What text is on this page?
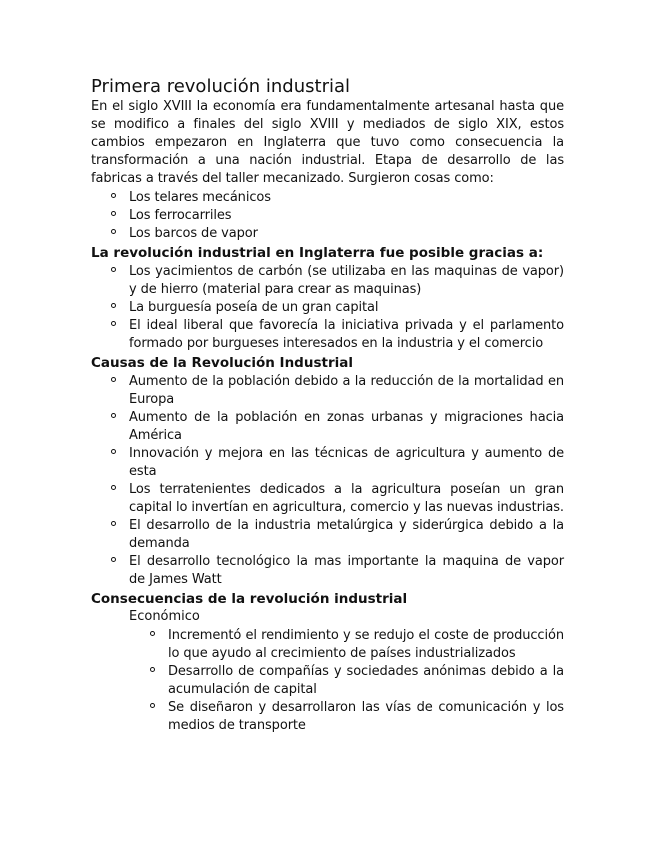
Primera revolución industrial

En el siglo XVIII la economía era fundamentalmente artesanal hasta que se modifico a finales del siglo XVIII y mediados de siglo XIX, estos cambios empezaron en Inglaterra que tuvo como consecuencia la transformación a una nación industrial. Etapa de desarrollo de las fabricas a través del taller mecanizado. Surgieron cosas como:

Los telares mecánicos
Los ferrocarriles
Los barcos de vapor
La revolución industrial en Inglaterra fue posible gracias a:
Los yacimientos de carbón (se utilizaba en las maquinas de vapor) y de hierro (material para crear as maquinas)
La burguesía poseía de un gran capital
El ideal liberal que favorecía la iniciativa privada y el parlamento formado por burgueses interesados en la industria y el comercio
Causas de la Revolución Industrial
Aumento de la población debido a la reducción de la mortalidad en Europa
Aumento de la población en zonas urbanas y migraciones hacia América
Innovación y mejora en las técnicas de agricultura y aumento de esta
Los terratenientes dedicados a la agricultura poseían un gran capital lo invertían en agricultura, comercio y las nuevas industrias.
El desarrollo de la industria metalúrgica y siderúrgica debido a la demanda
El desarrollo tecnológico la mas importante la maquina de vapor de James Watt
Consecuencias de la revolución industrial

Económico

Incrementó el rendimiento y se redujo el coste de producción lo que ayudo al crecimiento de países industrializados
Desarrollo de compañías y sociedades anónimas debido a la acumulación de capital
Se diseñaron y desarrollaron las vías de comunicación y los medios de transporte
